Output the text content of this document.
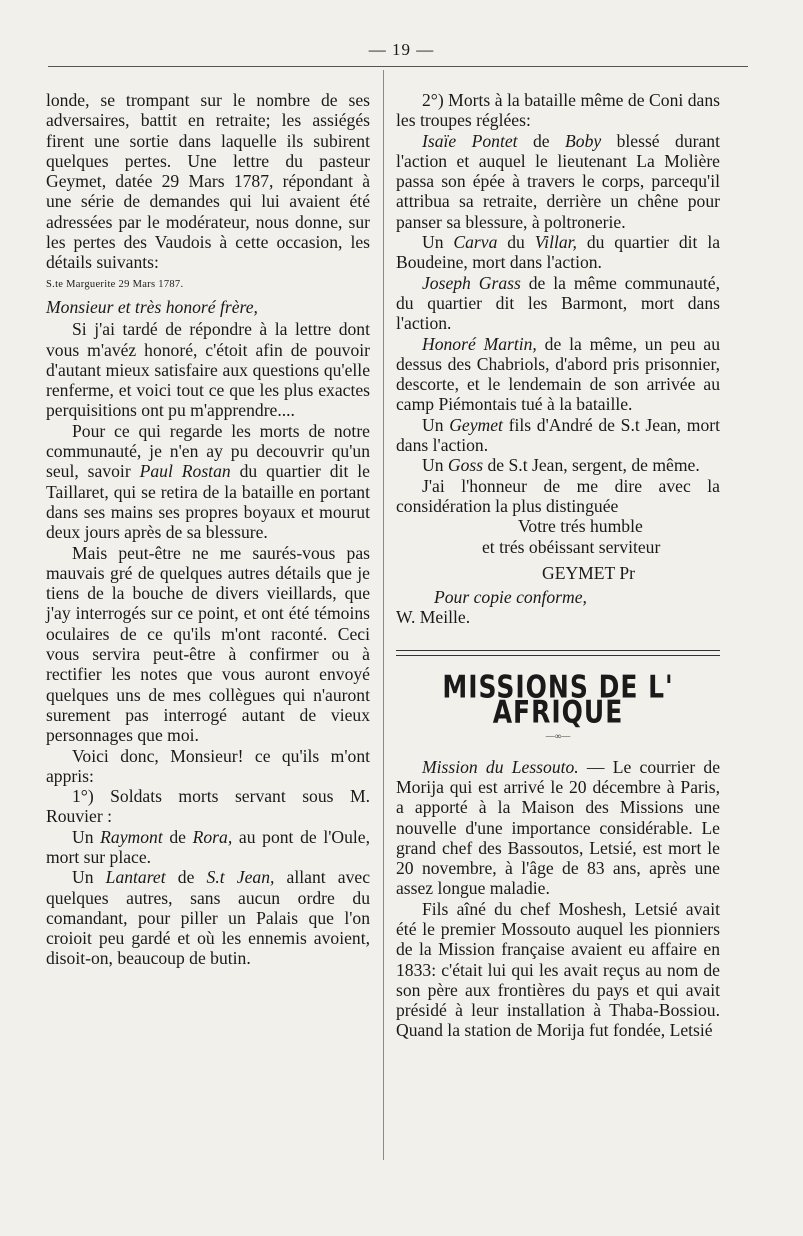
— 19 —

londe, se trompant sur le nombre de ses adversaires, battit en retraite; les assiégés firent une sortie dans laquelle ils subirent quelques pertes. Une lettre du pasteur Geymet, datée 29 Mars 1787, répondant à une série de demandes qui lui avaient été adressées par le modérateur, nous donne, sur les pertes des Vaudois à cette occasion, les détails suivants:

S.te Marguerite 29 Mars 1787.

Monsieur et très honoré frère,

Si j'ai tardé de répondre à la lettre dont vous m'avéz honoré, c'étoit afin de pouvoir d'autant mieux satisfaire aux questions qu'elle renferme, et voici tout ce que les plus exactes perquisitions ont pu m'apprendre....

Pour ce qui regarde les morts de notre communauté, je n'en ay pu decouvrir qu'un seul, savoir Paul Rostan du quartier dit le Taillaret, qui se retira de la bataille en portant dans ses mains ses propres boyaux et mourut deux jours après de sa blessure.

Mais peut-être ne me saurés-vous pas mauvais gré de quelques autres détails que je tiens de la bouche de divers vieillards, que j'ay interrogés sur ce point, et ont été témoins oculaires de ce qu'ils m'ont raconté. Ceci vous servira peut-être à confirmer ou à rectifier les notes que vous auront envoyé quelques uns de mes collègues qui n'auront surement pas interrogé autant de vieux personnages que moi.

Voici donc, Monsieur! ce qu'ils m'ont appris:

1°) Soldats morts servant sous M. Rouvier :

Un Raymont de Rora, au pont de l'Oule, mort sur place.

Un Lantaret de S.t Jean, allant avec quelques autres, sans aucun ordre du comandant, pour piller un Palais que l'on croioit peu gardé et où les ennemis avoient, disoit-on, beaucoup de butin.

2°) Morts à la bataille même de Coni dans les troupes réglées:

Isaïe Pontet de Boby blessé durant l'action et auquel le lieutenant La Molière passa son épée à travers le corps, parcequ'il attribua sa retraite, derrière un chêne pour panser sa blessure, à poltronerie.

Un Carva du Villar, du quartier dit la Boudeine, mort dans l'action.

Joseph Grass de la même communauté, du quartier dit les Barmont, mort dans l'action.

Honoré Martin, de la même, un peu au dessus des Chabriols, d'abord pris prisonnier, descorte, et le lendemain de son arrivée au camp Piémontais tué à la bataille.

Un Geymet fils d'André de S.t Jean, mort dans l'action.

Un Goss de S.t Jean, sergent, de même.

J'ai l'honneur de me dire avec la considération la plus distinguée

Votre trés humble

et trés obéissant serviteur

GEYMET Pr

Pour copie conforme,

W. Meille.

MISSIONS DE L' AFRIQUE
—∞—

Mission du Lessouto. — Le courrier de Morija qui est arrivé le 20 décembre à Paris, a apporté à la Maison des Missions une nouvelle d'une importance considérable. Le grand chef des Bassoutos, Letsié, est mort le 20 novembre, à l'âge de 83 ans, après une assez longue maladie.

Fils aîné du chef Moshesh, Letsié avait été le premier Mossouto auquel les pionniers de la Mission française avaient eu affaire en 1833: c'était lui qui les avait reçus au nom de son père aux frontières du pays et qui avait présidé à leur installation à Thaba-Bossiou. Quand la station de Morija fut fondée, Letsié
